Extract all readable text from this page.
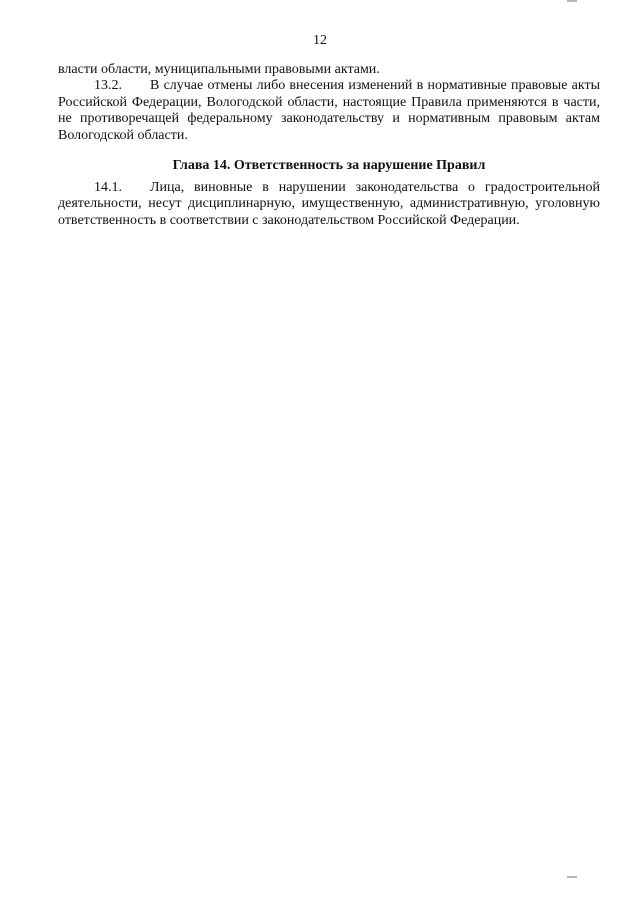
12

власти области, муниципальными правовыми актами.

13.2. В случае отмены либо внесения изменений в нормативные правовые акты Российской Федерации, Вологодской области, настоящие Правила применяются в части, не противоречащей федеральному законодательству и нормативным правовым актам Вологодской области.

Глава 14. Ответственность за нарушение Правил

14.1. Лица, виновные в нарушении законодательства о градостроительной деятельности, несут дисциплинарную, имущественную, административную, уголовную ответственность в соответствии с законодательством Российской Федерации.
